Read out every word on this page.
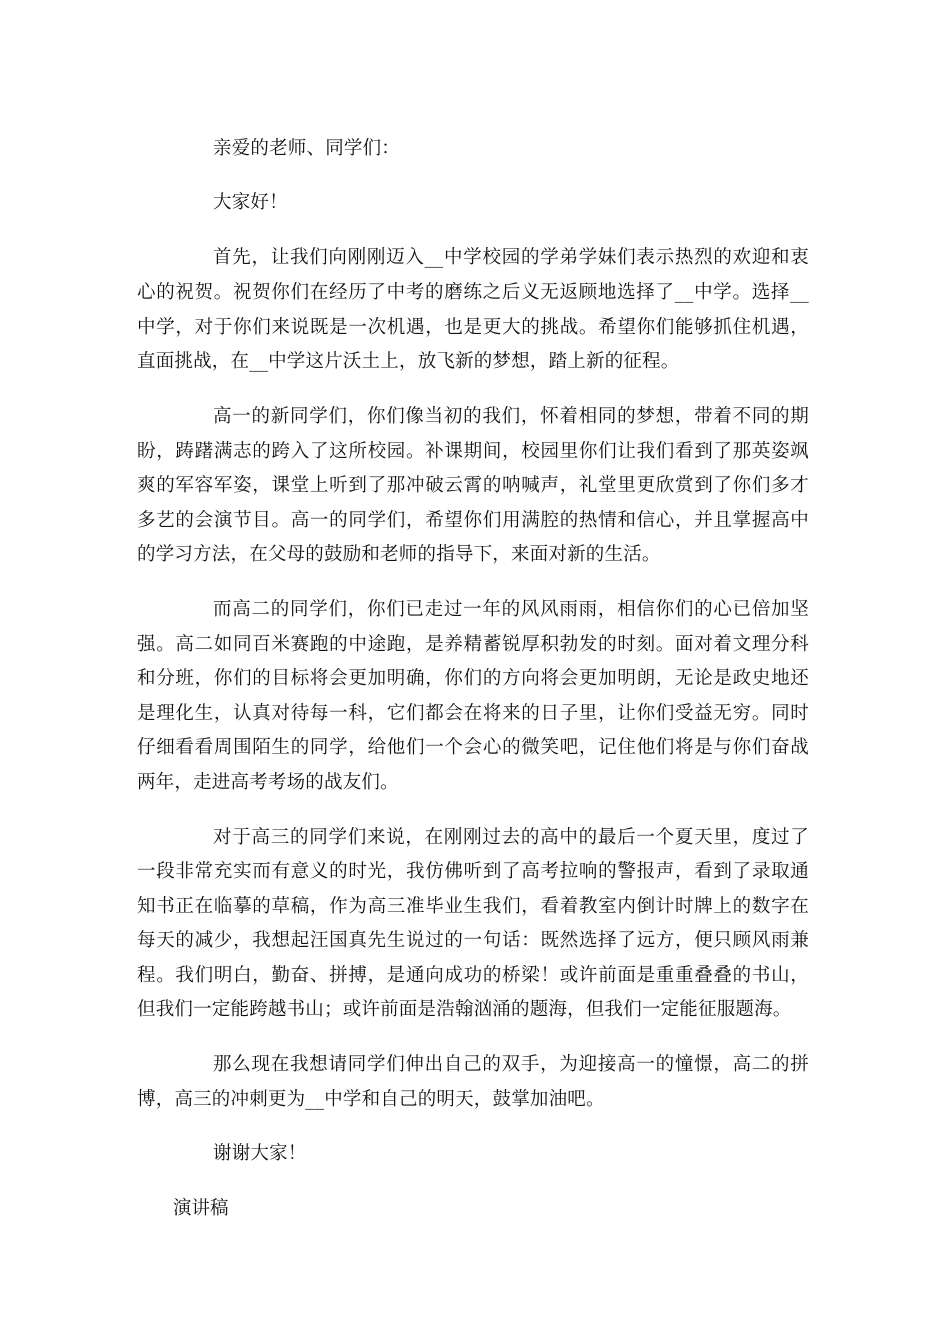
亲爱的老师、同学们：
大家好！
首先，让我们向刚刚迈入__中学校园的学弟学妹们表示热烈的欢迎和衷
心的祝贺。祝贺你们在经历了中考的磨练之后义无返顾地选择了__中学。选择__
中学，对于你们来说既是一次机遇，也是更大的挑战。希望你们能够抓住机遇，
直面挑战，在__中学这片沃土上，放飞新的梦想，踏上新的征程。
高一的新同学们，你们像当初的我们，怀着相同的梦想，带着不同的期
盼，踌躇满志的跨入了这所校园。补课期间，校园里你们让我们看到了那英姿飒
爽的军容军姿，课堂上听到了那冲破云霄的呐喊声，礼堂里更欣赏到了你们多才
多艺的会演节目。高一的同学们，希望你们用满腔的热情和信心，并且掌握高中
的学习方法，在父母的鼓励和老师的指导下，来面对新的生活。
而高二的同学们，你们已走过一年的风风雨雨，相信你们的心已倍加坚
强。高二如同百米赛跑的中途跑，是养精蓄锐厚积勃发的时刻。面对着文理分科
和分班，你们的目标将会更加明确，你们的方向将会更加明朗，无论是政史地还
是理化生，认真对待每一科，它们都会在将来的日子里，让你们受益无穷。同时
仔细看看周围陌生的同学，给他们一个会心的微笑吧，记住他们将是与你们奋战
两年，走进高考考场的战友们。
对于高三的同学们来说，在刚刚过去的高中的最后一个夏天里，度过了
一段非常充实而有意义的时光，我仿佛听到了高考拉响的警报声，看到了录取通
知书正在临摹的草稿，作为高三准毕业生我们，看着教室内倒计时牌上的数字在
每天的减少，我想起汪国真先生说过的一句话：既然选择了远方，便只顾风雨兼
程。我们明白，勤奋、拼搏，是通向成功的桥梁！或许前面是重重叠叠的书山，
但我们一定能跨越书山；或许前面是浩翰汹涌的题海，但我们一定能征服题海。
那么现在我想请同学们伸出自己的双手，为迎接高一的憧憬，高二的拼
博，高三的冲刺更为__中学和自己的明天，鼓掌加油吧。
谢谢大家！
演讲稿
